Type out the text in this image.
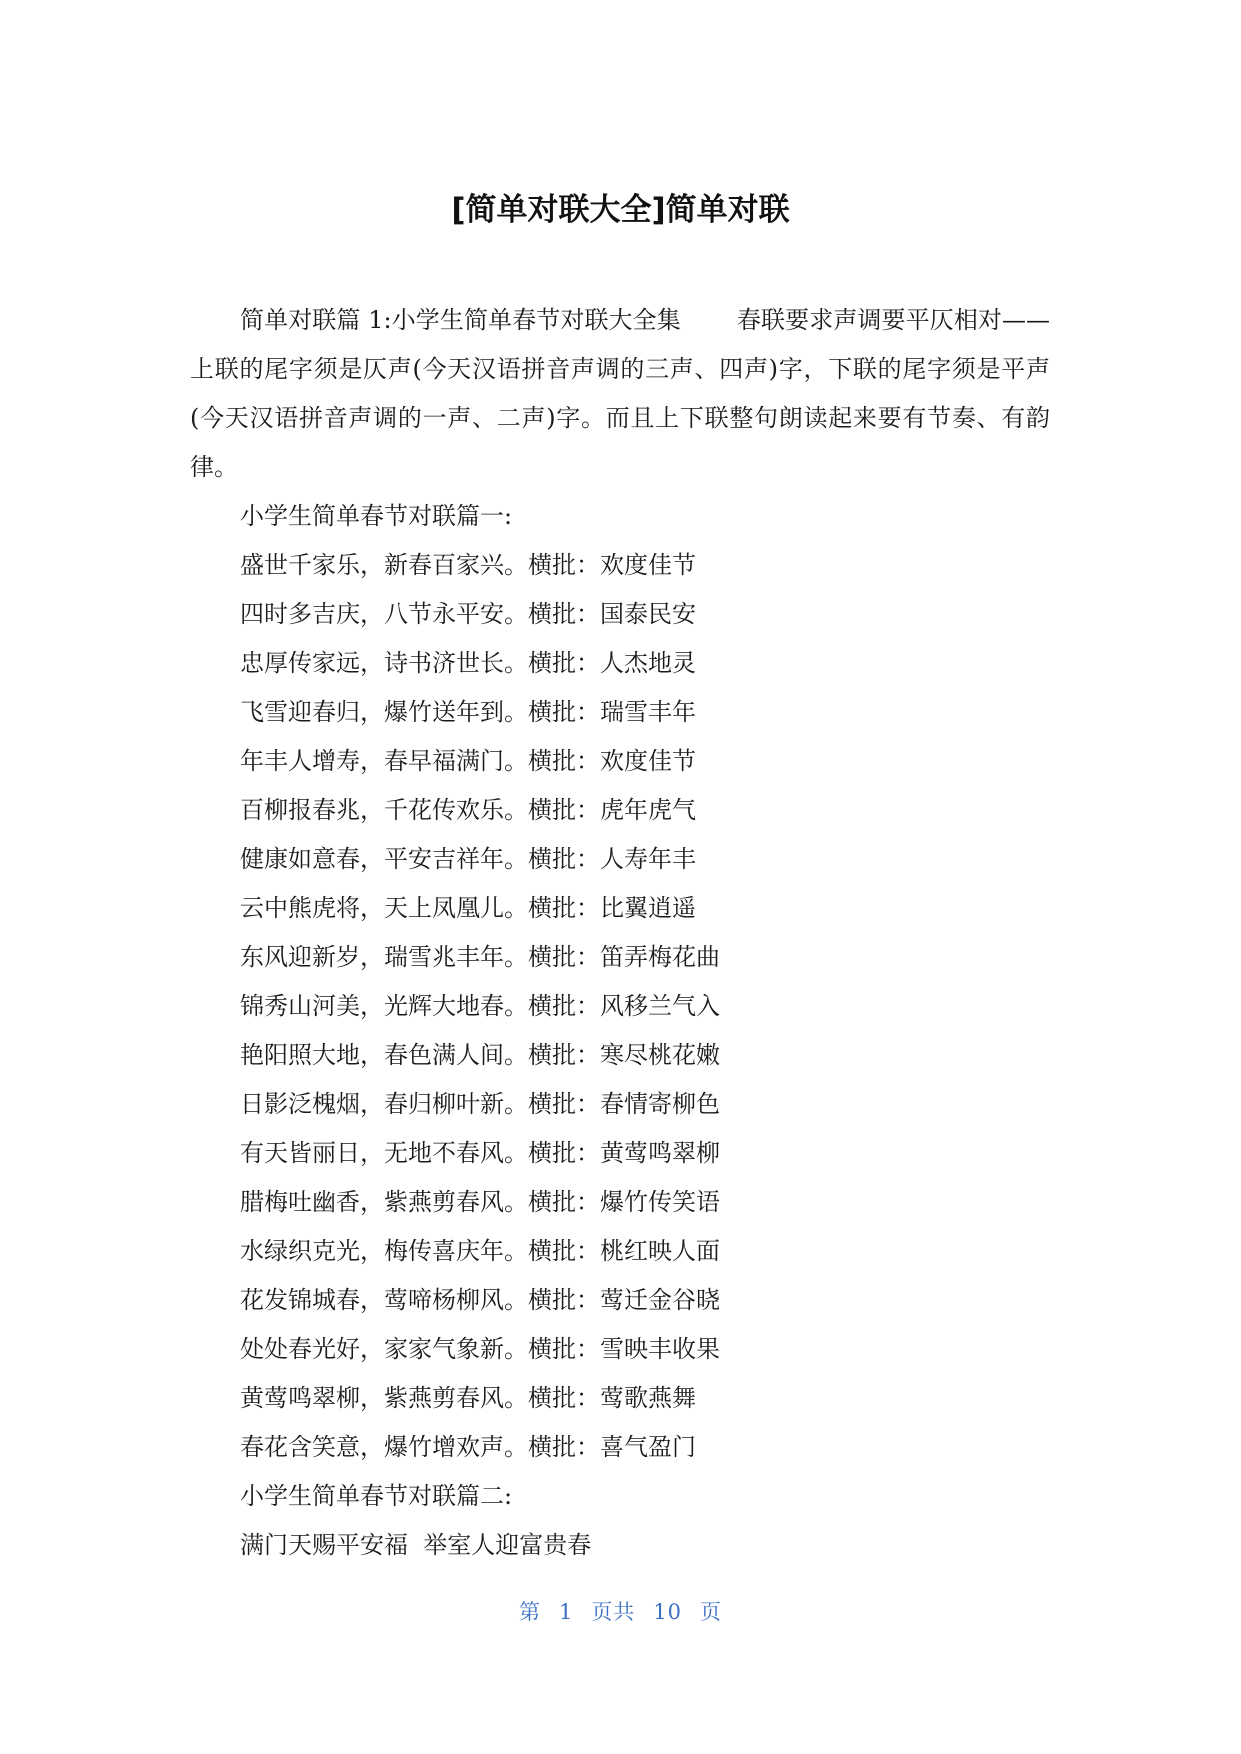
[简单对联大全]简单对联

简单对联篇 1:小学生简单春节对联大全集 春联要求声调要平仄相对——上联的尾字须是仄声(今天汉语拼音声调的三声、四声)字，下联的尾字须是平声(今天汉语拼音声调的一声、二声)字。而且上下联整句朗读起来要有节奏、有韵律。

小学生简单春节对联篇一:

盛世千家乐，新春百家兴。横批：欢度佳节

四时多吉庆，八节永平安。横批：国泰民安

忠厚传家远，诗书济世长。横批：人杰地灵

飞雪迎春归，爆竹送年到。横批：瑞雪丰年

年丰人增寿，春早福满门。横批：欢度佳节

百柳报春兆，千花传欢乐。横批：虎年虎气

健康如意春，平安吉祥年。横批：人寿年丰

云中熊虎将，天上凤凰儿。横批：比翼逍遥

东风迎新岁，瑞雪兆丰年。横批：笛弄梅花曲

锦秀山河美，光辉大地春。横批：风移兰气入

艳阳照大地，春色满人间。横批：寒尽桃花嫩

日影泛槐烟，春归柳叶新。横批：春情寄柳色

有天皆丽日，无地不春风。横批：黄莺鸣翠柳

腊梅吐幽香，紫燕剪春风。横批：爆竹传笑语

水绿织克光，梅传喜庆年。横批：桃红映人面

花发锦城春，莺啼杨柳风。横批：莺迁金谷晓

处处春光好，家家气象新。横批：雪映丰收果

黄莺鸣翠柳，紫燕剪春风。横批：莺歌燕舞

春花含笑意，爆竹增欢声。横批：喜气盈门

小学生简单春节对联篇二:

满门天赐平安福  举室人迎富贵春

第 1 页共 10 页
